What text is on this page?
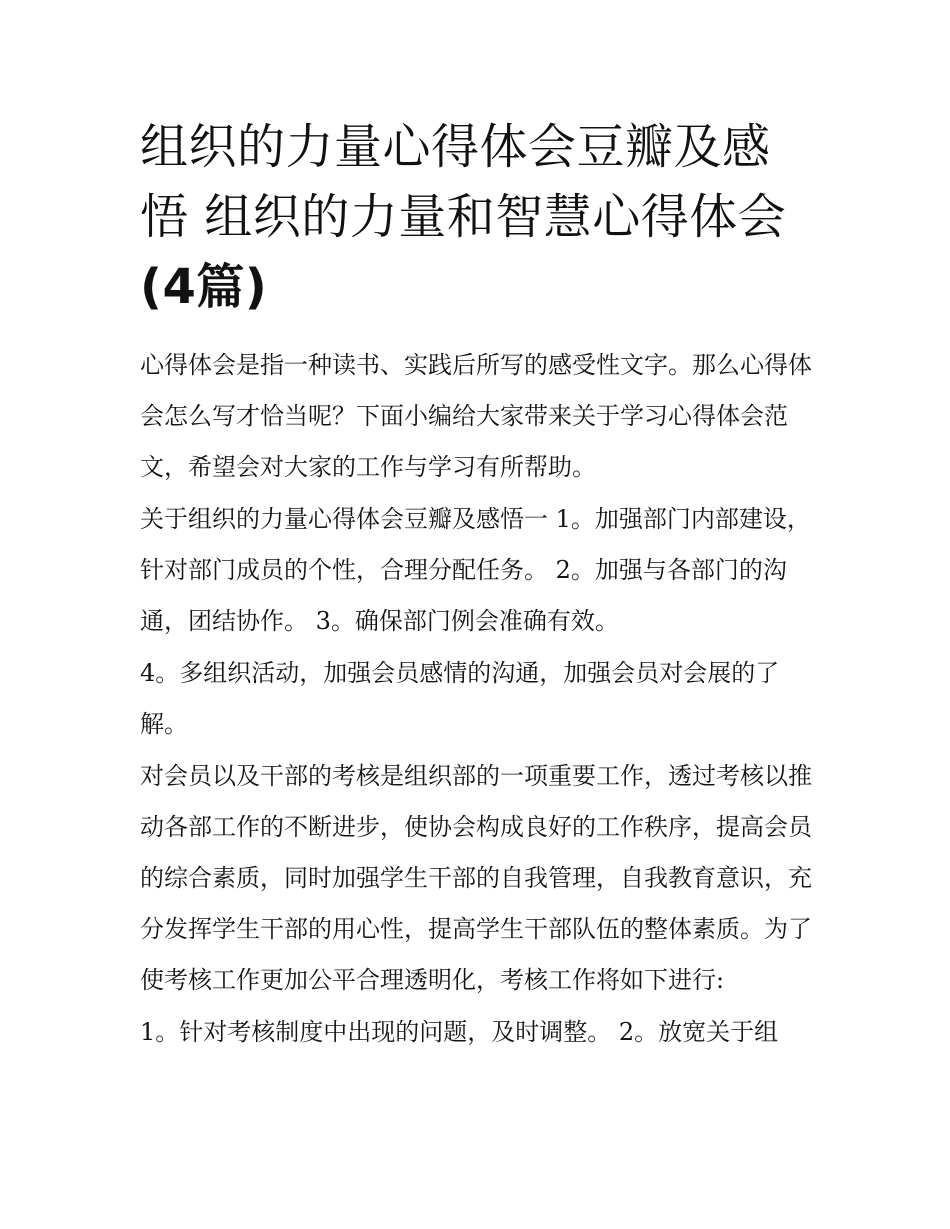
组织的力量心得体会豆瓣及感悟 组织的力量和智慧心得体会(4篇)

心得体会是指一种读书、实践后所写的感受性文字。那么心得体会怎么写才恰当呢？下面小编给大家带来关于学习心得体会范文，希望会对大家的工作与学习有所帮助。

关于组织的力量心得体会豆瓣及感悟一 1。加强部门内部建设，针对部门成员的个性，合理分配任务。 2。加强与各部门的沟通，团结协作。 3。确保部门例会准确有效。

4。多组织活动，加强会员感情的沟通，加强会员对会展的了解。

对会员以及干部的考核是组织部的一项重要工作，透过考核以推动各部工作的不断进步，使协会构成良好的工作秩序，提高会员的综合素质，同时加强学生干部的自我管理，自我教育意识，充分发挥学生干部的用心性，提高学生干部队伍的整体素质。为了使考核工作更加公平合理透明化，考核工作将如下进行:

1。针对考核制度中出现的问题，及时调整。 2。放宽关于组
